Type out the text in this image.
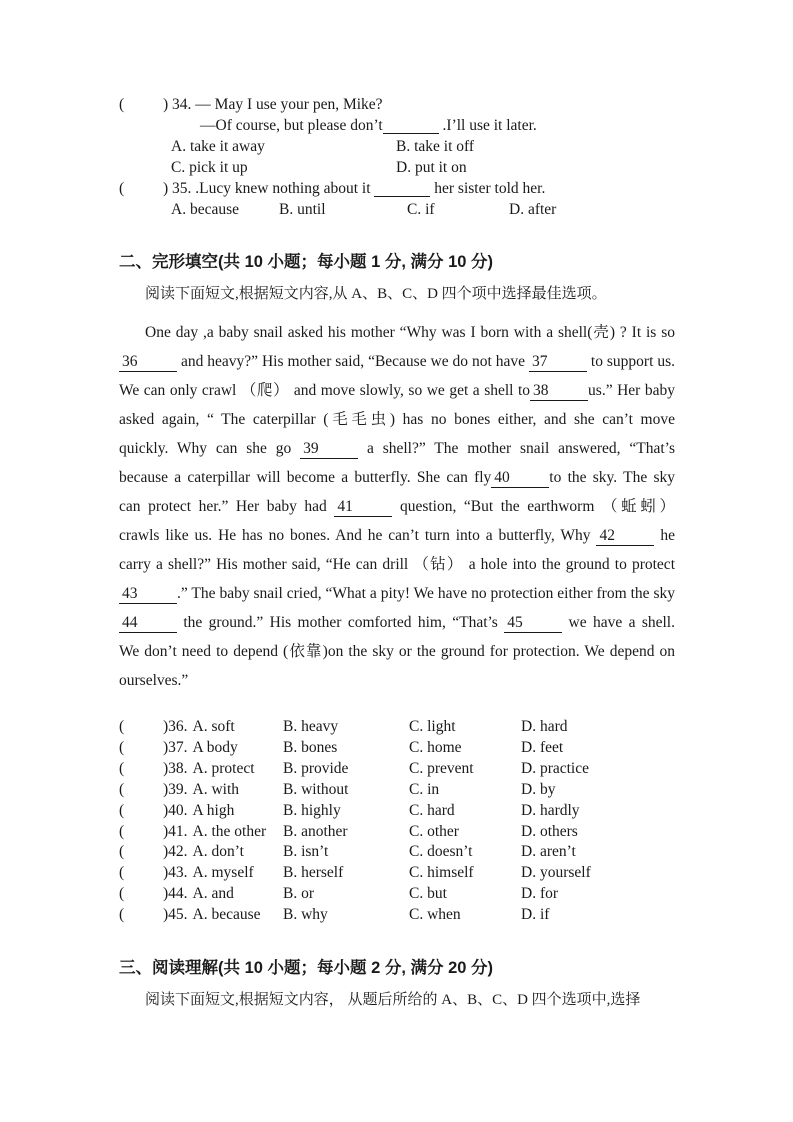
(	) 34. — May I use your pen, Mike?
—Of course, but please don’t	.I’ll use it later.
A. take it away	B. take it off
C. pick it up	D. put it on
(	) 35. .Lucy knew nothing about it	her sister told her.
A. because	B. until	C. if	D. after
二、完形填空(共 10 小题；每小题 1 分, 满分 10 分)
阅读下面短文,根据短文内容,从 A、B、C、D 四个项中选择最佳选项。
One day ,a baby snail asked his mother “Why was I born with a shell(壳) ? It is so
36	and heavy?” His mother said, “Because we do not have 37	to support us.
We can only crawl （爬） and move slowly, so we get a shell to 38	us.” Her baby
asked again, “ The caterpillar (毛毛虫) has no bones either, and she can’t move
quickly. Why can she go 39	a shell?” The mother snail answered, “That’s
because a caterpillar will become a butterfly. She can fly 40	to the sky. The sky
can protect her.” Her baby had 41	question, “But the earthworm （蚯蚓）
crawls like us. He has no bones. And he can’t turn into a butterfly, Why 42	he
carry a shell?” His mother said, “He can drill （钻） a hole into the ground to protect
43	.” The baby snail cried, “What a pity! We have no protection either from the sky
44	the ground.” His mother comforted him, “That’s 45	we have a shell.
We don’t need to depend (依靠)on the sky or the ground for protection. We depend on
ourselves.”
(	)36. A. soft	B. heavy	C. light	D. hard
(	)37. A body	B. bones	C. home	D. feet
(	)38. A. protect	B. provide	C. prevent	D. practice
(	)39. A. with	B. without	C. in	D. by
(	)40. A high	B. highly	C. hard	D. hardly
(	)41. A. the other	B. another	C. other	D. others
(	)42. A. don’t	B. isn’t	C. doesn’t	D. aren’t
(	)43. A. myself	B. herself	C. himself	D. yourself
(	)44. A. and	B. or	C. but	D. for
(	)45. A. because	B. why	C. when	D. if
三、阅读理解(共 10 小题；每小题 2 分, 满分 20 分)
阅读下面短文,根据短文内容， 从题后所给的 A、B、C、D 四个选项中,选择
